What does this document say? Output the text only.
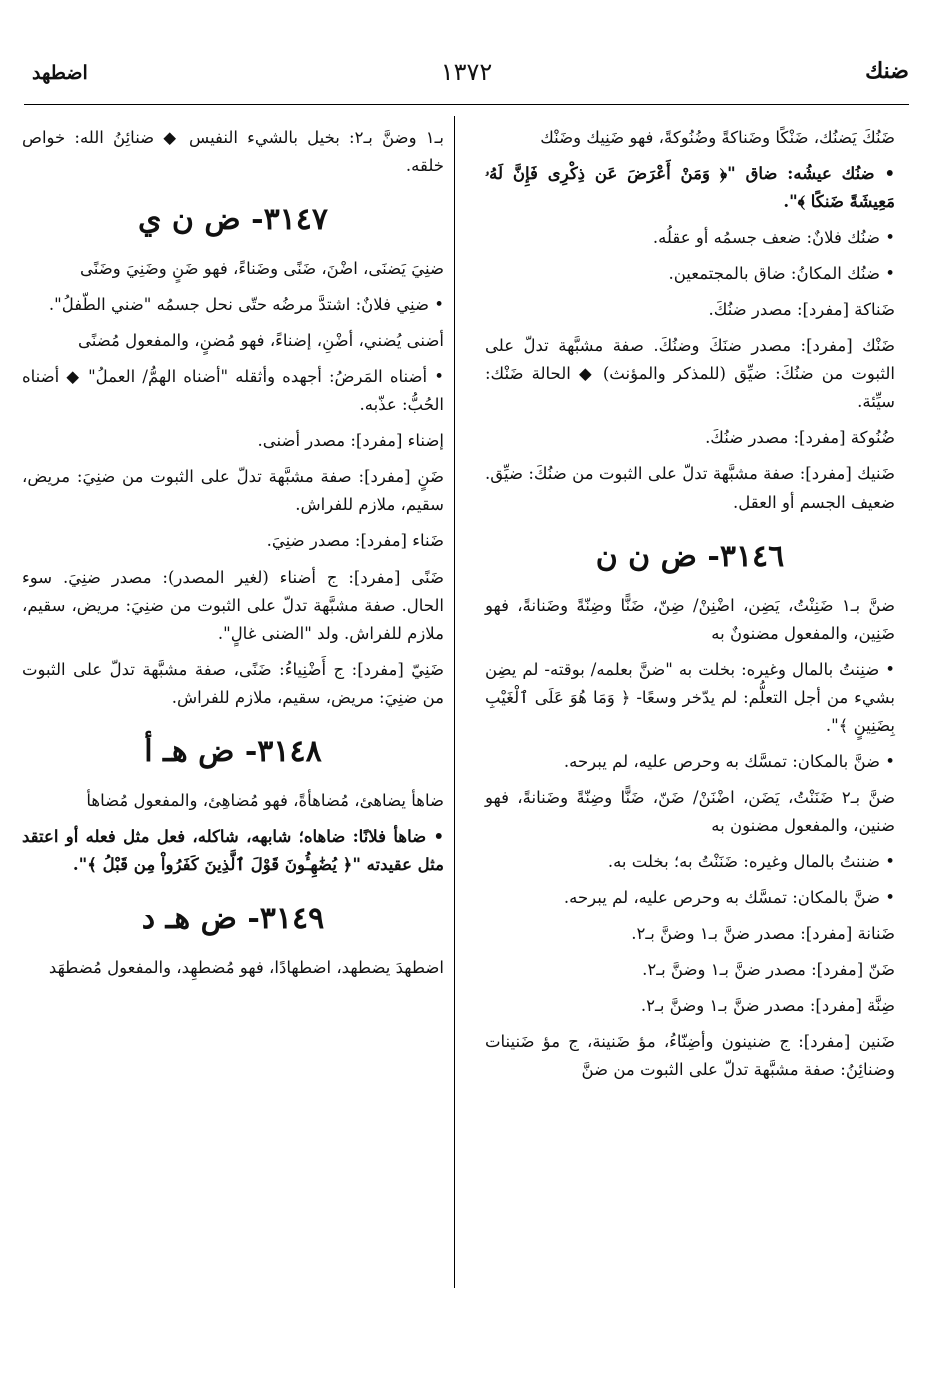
ضنك
١٣٧٢
اضطهد

ضَنُكَ يَضنُك، ضَنْكًا وضَناكةً وضُنُوكةً، فهو ضَنِيك وضَنْك

• ضنُك عيشُه: ضاق "﴿ وَمَنْ أَعْرَضَ عَن ذِكْرِى فَإِنَّ لَهُۥ مَعِيشَةً ضَنكًا ﴾".

• ضنُك فلانٌ: ضعف جسمُه أو عقلُه.

• ضنُك المكانُ: ضاق بالمجتمعين.

ضَناكة [مفرد]: مصدر ضنُكَ.

ضَنْك [مفرد]: مصدر ضنَكَ وضنُكَ. صفة مشبَّهة تدلّ على الثبوت من ضنُكَ: ضيِّق (للمذكر والمؤنث) ◆ الحالة ضَنْك: سيِّئة.

ضُنُوكة [مفرد]: مصدر ضنُكَ.

ضَنيك [مفرد]: صفة مشبَّهة تدلّ على الثبوت من ضنُكَ: ضيِّق. ضعيف الجسم أو العقل.

٣١٤٦- ض ن ن

ضنَّ بـ١ ضَنِنْتُ، يَضِن، اضْنِنْ/ ضِنّ، ضَنًّا وضِنّةً وضَنانةً، فهو ضَنِين، والمفعول مضنونٌ به

• ضنِنتُ بالمال وغيره: بخلت به "ضنَّ بعلمه/ بوقته- لم يضِن بشيء من أجل التعلُّم: لم يدّخر وسعًا- ﴿ وَمَا هُوَ عَلَى ٱلْغَيْبِ بِضَنِينٍ ﴾".

• ضنَّ بالمكان: تمسَّك به وحرص عليه، لم يبرحه.

ضنَّ بـ٢ ضَنَنْتُ، يَضَن، اضْنَنْ/ ضَنّ، ضَنًّا وضِنّةً وضَنانةً، فهو ضنين، والمفعول مضنون به

• ضننتُ بالمال وغيره: ضَنَنْتُ به؛ بخلت به.

• ضنَّ بالمكان: تمسَّك به وحرص عليه، لم يبرحه.

ضَنانة [مفرد]: مصدر ضنَّ بـ١ وضنَّ بـ٢.

ضَنّ [مفرد]: مصدر ضنَّ بـ١ وضنَّ بـ٢.

ضِنَّة [مفرد]: مصدر ضنَّ بـ١ وضنَّ بـ٢.

ضَنين [مفرد]: ج ضنينون وأضِنّاءُ، مؤ ضَنينة، ج مؤ ضَنينات وضنائِنُ: صفة مشبَّهة تدلّ على الثبوت من ضنَّ

بـ١ وضنَّ بـ٢: بخيل بالشيء النفيس ◆ ضنائِنُ الله: خواص خلقه.

٣١٤٧- ض ن ي

ضنِيَ يَضنَى، اضْنَ، ضَنًى وضَناءً، فهو ضَنٍ وضَنِيَ وضَنًى

• ضنِي فلانٌ: اشتدَّ مرضُه حتّى نحل جسمُه "ضني الطّفلُ".

أضنى يُضني، أضْنِ، إضناءً، فهو مُضنٍ، والمفعول مُضنًى

• أضناه المَرضُ: أجهده وأثقله "أضناه الهمُّ/ العملُ" ◆ أضناه الحُبُّ: عذّبه.

إضناء [مفرد]: مصدر أضنى.

ضَنٍ [مفرد]: صفة مشبَّهة تدلّ على الثبوت من ضنِيَ: مريض، سقيم، ملازم للفراش.

ضَناء [مفرد]: مصدر ضنِيَ.

ضَنًى [مفرد]: ج أضناء (لغير المصدر): مصدر ضنِيَ. سوء الحال. صفة مشبَّهة تدلّ على الثبوت من ضنِيَ: مريض، سقيم، ملازم للفراش. ولد "الضنى غالٍ".

ضَنِيّ [مفرد]: ج أَضْنِياءُ: ضَنًى، صفة مشبَّهة تدلّ على الثبوت من ضنِيَ: مريض، سقيم، ملازم للفراش.

٣١٤٨- ض هـ أ

ضاهأ يضاهئ، مُضاهأةً، فهو مُضاهِئ، والمفعول مُضاهأ

• ضاهأ فلانًا: ضاهاه؛ شابهه، شاكله، فعل مثل فعله أو اعتقد مثل عقيدته "﴿ يُضَٰهِـُٔونَ قَوْلَ ٱلَّذِينَ كَفَرُواْ مِن قَبْلُ ﴾".

٣١٤٩- ض هـ د

اضطهدَ يضطهد، اضطهادًا، فهو مُضطهِد، والمفعول مُضطهَد
